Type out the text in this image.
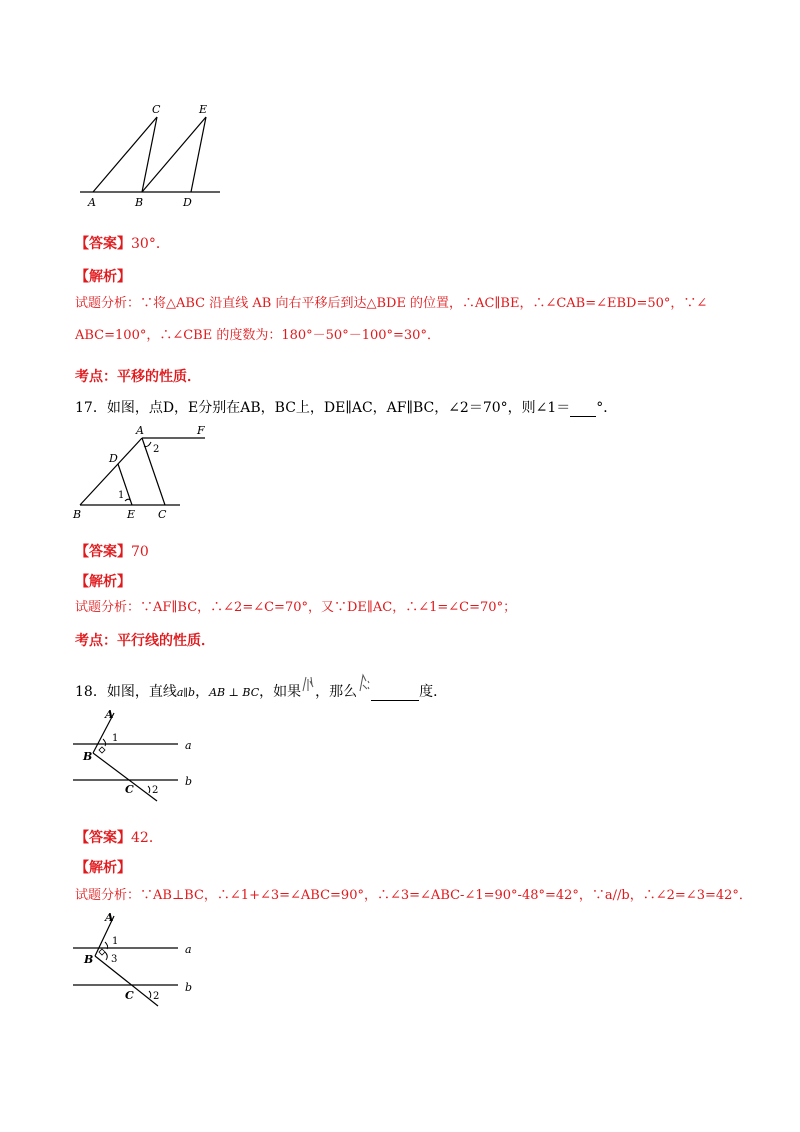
C	E
A	B	D
【答案】30°．
【解析】
试题分析：∵将△ABC 沿直线 AB 向右平移后到达△BDE 的位置，∴AC∥BE，∴∠CAB=∠EBD=50°，∵∠
ABC=100°，∴∠CBE 的度数为：180°－50°－100°=30°．
考点：平移的性质．
17．如图，点D，E分别在AB，BC上，DE∥AC，AF∥BC，∠2＝70°，则∠1＝ °．
A	F
2
D
1
B	E C
【答案】70
【解析】
试题分析：∵AF∥BC，∴∠2=∠C=70°，又∵DE∥AC，∴∠1=∠C=70°；
考点：平行线的性质．
18．如图，直线a∥b，AB ⊥ BC，如果 ，那么	度．
A
1
a
B
b
C 2
【答案】42．
【解析】
试题分析：∵AB⊥BC，∴∠1+∠3=∠ABC=90°，∴∠3=∠ABC-∠1=90°-48°=42°，∵a//b，∴∠2=∠3=42°．
A
1
a
B 3
b
C 2
